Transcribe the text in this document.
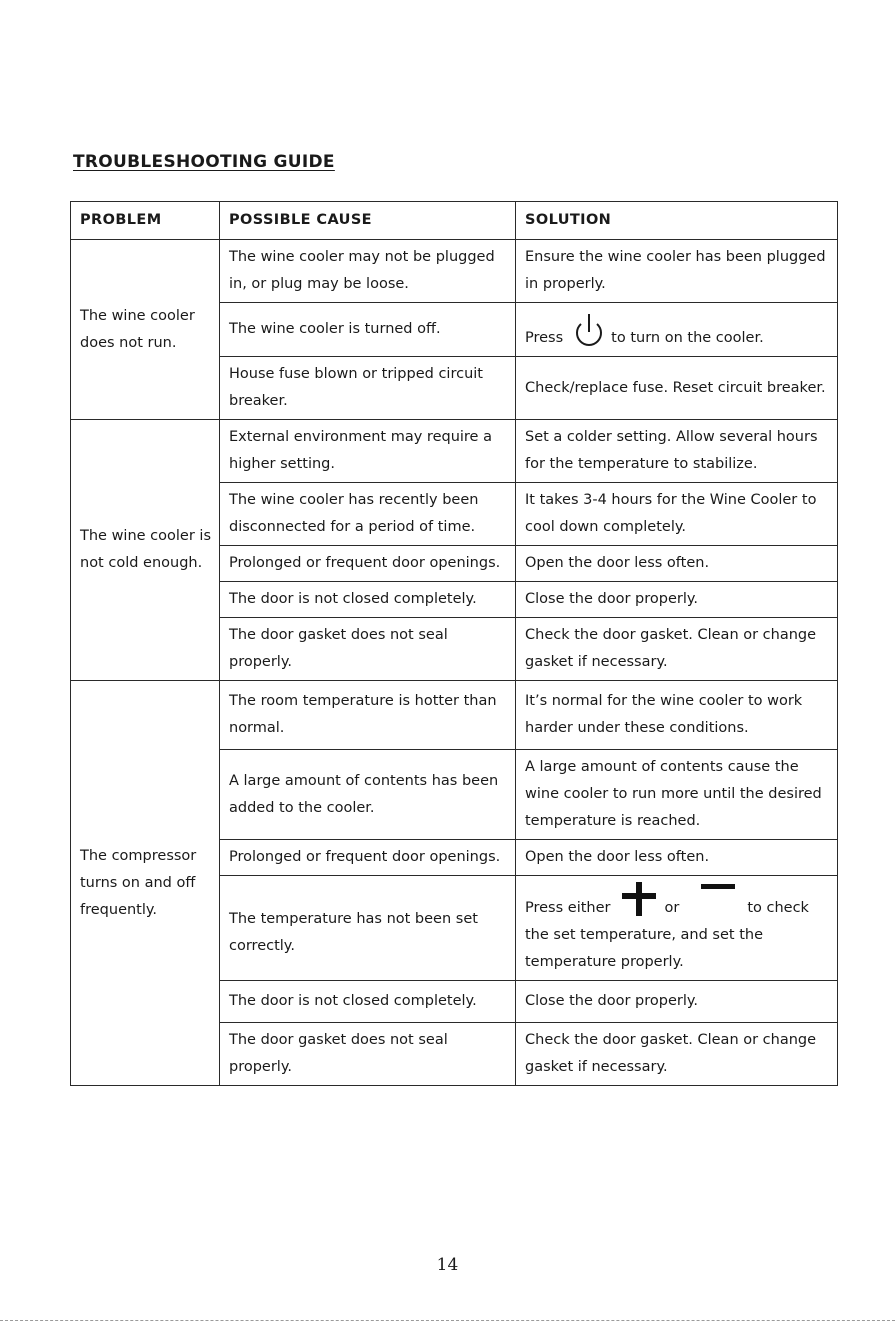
TROUBLESHOOTING GUIDE
PROBLEM	POSSIBLE CAUSE	SOLUTION
The wine cooler does not run.	The wine cooler may not be plugged in, or plug may be loose.	Ensure the wine cooler has been plugged in properly.
	The wine cooler is turned off.	Press to turn on the cooler.
	House fuse blown or tripped circuit breaker.	Check/replace fuse. Reset circuit breaker.
The wine cooler is not cold enough.	External environment may require a higher setting.	Set a colder setting. Allow several hours for the temperature to stabilize.
	The wine cooler has recently been disconnected for a period of time.	It takes 3-4 hours for the Wine Cooler to cool down completely.
	Prolonged or frequent door openings.	Open the door less often.
	The door is not closed completely.	Close the door properly.
	The door gasket does not seal properly.	Check the door gasket. Clean or change gasket if necessary.
The compressor turns on and off frequently.	The room temperature is hotter than normal.	It’s normal for the wine cooler to work harder under these conditions.
	A large amount of contents has been added to the cooler.	A large amount of contents cause the wine cooler to run more until the desired temperature is reached.
	Prolonged or frequent door openings.	Open the door less often.
	The temperature has not been set correctly.	Press either or to check the set temperature, and set the temperature properly.
	The door is not closed completely.	Close the door properly.
	The door gasket does not seal properly.	Check the door gasket. Clean or change gasket if necessary.
14
